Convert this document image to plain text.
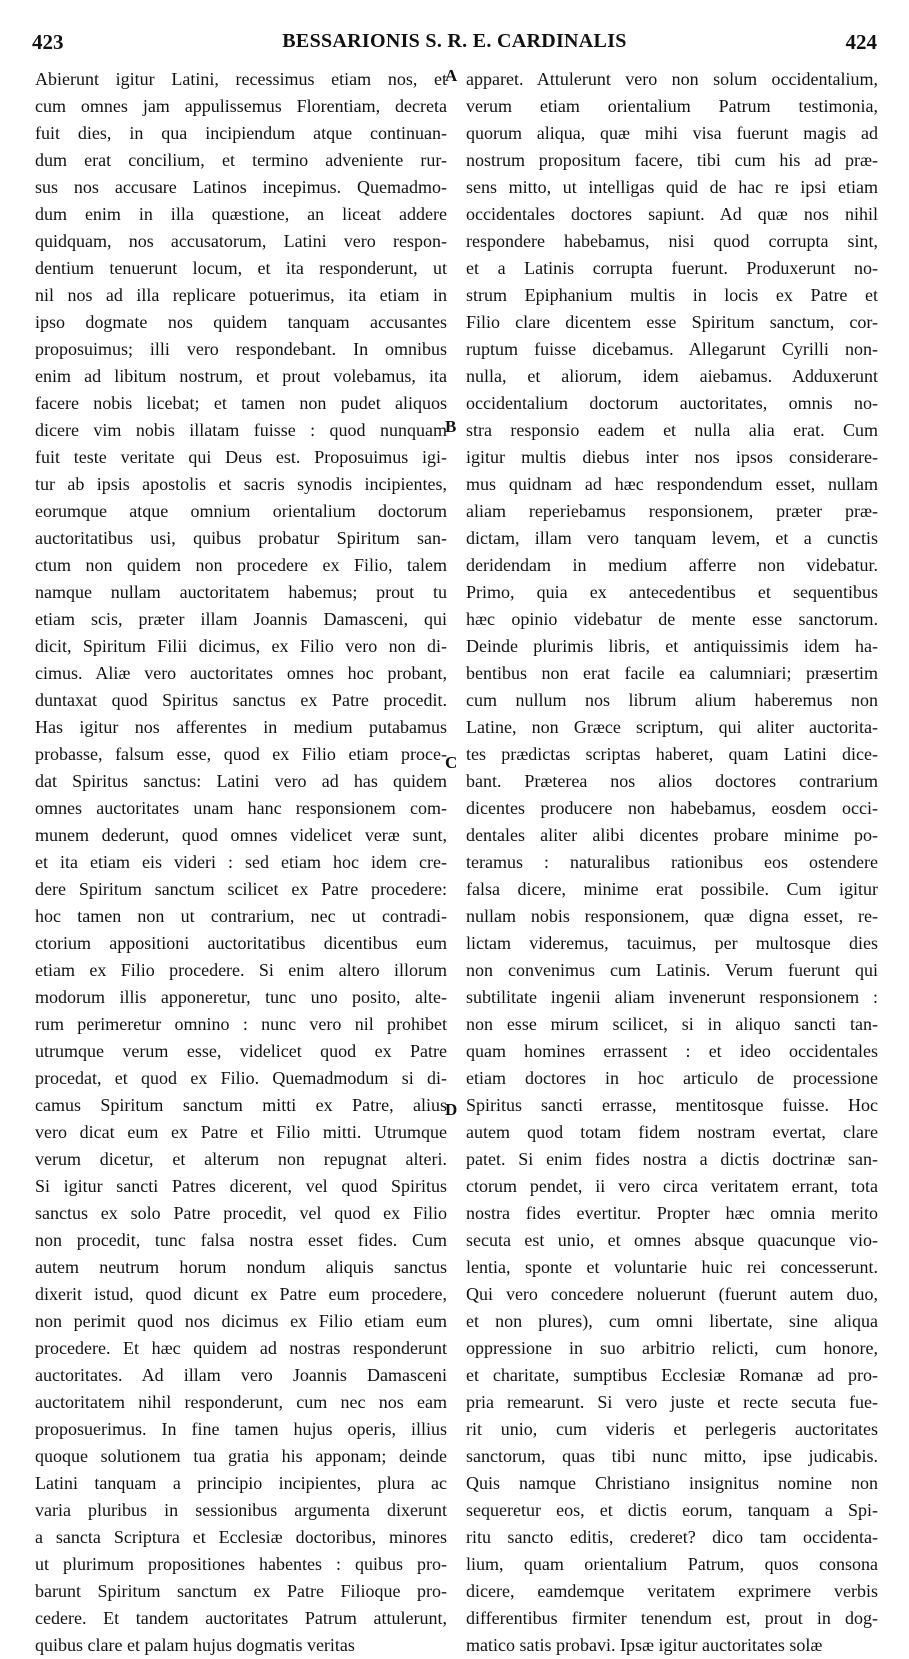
423	BESSARIONIS S. R. E. CARDINALIS	424
Abierunt igitur Latini, recessimus etiam nos, et
cum omnes jam appulissemus Florentiam, decreta
fuit dies, in qua incipiendum atque continuan-
dum erat concilium, et termino adveniente rur-
sus nos accusare Latinos incepimus. Quemadmo-
dum enim in illa quæstione, an liceat addere
quidquam, nos accusatorum, Latini vero respon-
dentium tenuerunt locum, et ita responderunt, ut
nil nos ad illa replicare potuerimus, ita etiam in
ipso dogmate nos quidem tanquam accusantes
proposuimus; illi vero respondebant. In omnibus
enim ad libitum nostrum, et prout volebamus, ita
facere nobis licebat; et tamen non pudet aliquos
dicere vim nobis illatam fuisse : quod nunquam
fuit teste veritate qui Deus est. Proposuimus igi-
tur ab ipsis apostolis et sacris synodis incipientes,
eorumque atque omnium orientalium doctorum
auctoritatibus usi, quibus probatur Spiritum san-
ctum non quidem non procedere ex Filio, talem
namque nullam auctoritatem habemus; prout tu
etiam scis, præter illam Joannis Damasceni, qui
dicit, Spiritum Filii dicimus, ex Filio vero non di-
cimus. Aliæ vero auctoritates omnes hoc probant,
duntaxat quod Spiritus sanctus ex Patre procedit.
Has igitur nos afferentes in medium putabamus
probasse, falsum esse, quod ex Filio etiam proce-
dat Spiritus sanctus: Latini vero ad has quidem
omnes auctoritates unam hanc responsionem com-
munem dederunt, quod omnes videlicet veræ sunt,
et ita etiam eis videri : sed etiam hoc idem cre-
dere Spiritum sanctum scilicet ex Patre procedere:
hoc tamen non ut contrarium, nec ut contradi-
ctorium appositioni auctoritatibus dicentibus eum
etiam ex Filio procedere. Si enim altero illorum
modorum illis apponeretur, tunc uno posito, alte-
rum perimeretur omnino : nunc vero nil prohibet
utrumque verum esse, videlicet quod ex Patre
procedat, et quod ex Filio. Quemadmodum si di-
camus Spiritum sanctum mitti ex Patre, alius
vero dicat eum ex Patre et Filio mitti. Utrumque
verum dicetur, et alterum non repugnat alteri.
Si igitur sancti Patres dicerent, vel quod Spiritus
sanctus ex solo Patre procedit, vel quod ex Filio
non procedit, tunc falsa nostra esset fides. Cum
autem neutrum horum nondum aliquis sanctus
dixerit istud, quod dicunt ex Patre eum procedere,
non perimit quod nos dicimus ex Filio etiam eum
procedere. Et hæc quidem ad nostras responderunt
auctoritates. Ad illam vero Joannis Damasceni
auctoritatem nihil responderunt, cum nec nos eam
proposuerimus. In fine tamen hujus operis, illius
quoque solutionem tua gratia his apponam; deinde
Latini tanquam a principio incipientes, plura ac
varia pluribus in sessionibus argumenta dixerunt
a sancta Scriptura et Ecclesiæ doctoribus, minores
ut plurimum propositiones habentes : quibus pro-
barunt Spiritum sanctum ex Patre Filioque pro-
cedere. Et tandem auctoritates Patrum attulerunt,
quibus clare et palam hujus dogmatis veritas
apparet. Attulerunt vero non solum occidentalium,
verum etiam orientalium Patrum testimonia,
quorum aliqua, quæ mihi visa fuerunt magis ad
nostrum propositum facere, tibi cum his ad præ-
sens mitto, ut intelligas quid de hac re ipsi etiam
occidentales doctores sapiunt. Ad quæ nos nihil
respondere habebamus, nisi quod corrupta sint,
et a Latinis corrupta fuerunt. Produxerunt no-
strum Epiphanium multis in locis ex Patre et
Filio clare dicentem esse Spiritum sanctum, cor-
ruptum fuisse dicebamus. Allegarunt Cyrilli non-
nulla, et aliorum, idem aiebamus. Adduxerunt
occidentalium doctorum auctoritates, omnis no-
stra responsio eadem et nulla alia erat. Cum
igitur multis diebus inter nos ipsos considerare-
mus quidnam ad hæc respondendum esset, nullam
aliam reperiebamus responsionem, præter præ-
dictam, illam vero tanquam levem, et a cunctis
deridendam in medium afferre non videbatur.
Primo, quia ex antecedentibus et sequentibus
hæc opinio videbatur de mente esse sanctorum.
Deinde plurimis libris, et antiquissimis idem ha-
bentibus non erat facile ea calumniari; præsertim
cum nullum nos librum alium haberemus non
Latine, non Græce scriptum, qui aliter auctorita-
tes prædictas scriptas haberet, quam Latini dice-
bant. Præterea nos alios doctores contrarium
dicentes producere non habebamus, eosdem occi-
dentales aliter alibi dicentes probare minime po-
teramus : naturalibus rationibus eos ostendere
falsa dicere, minime erat possibile. Cum igitur
nullam nobis responsionem, quæ digna esset, re-
lictam videremus, tacuimus, per multosque dies
non convenimus cum Latinis. Verum fuerunt qui
subtilitate ingenii aliam invenerunt responsionem :
non esse mirum scilicet, si in aliquo sancti tan-
quam homines errassent : et ideo occidentales
etiam doctores in hoc articulo de processione
Spiritus sancti errasse, mentitosque fuisse. Hoc
autem quod totam fidem nostram evertat, clare
patet. Si enim fides nostra a dictis doctrinæ san-
ctorum pendet, ii vero circa veritatem errant, tota
nostra fides evertitur. Propter hæc omnia merito
secuta est unio, et omnes absque quacunque vio-
lentia, sponte et voluntarie huic rei concesserunt.
Qui vero concedere noluerunt (fuerunt autem duo,
et non plures), cum omni libertate, sine aliqua
oppressione in suo arbitrio relicti, cum honore,
et charitate, sumptibus Ecclesiæ Romanæ ad pro-
pria remearunt. Si vero juste et recte secuta fue-
rit unio, cum videris et perlegeris auctoritates
sanctorum, quas tibi nunc mitto, ipse judicabis.
Quis namque Christiano insignitus nomine non
sequeretur eos, et dictis eorum, tanquam a Spi-
ritu sancto editis, crederet? dico tam occidenta-
lium, quam orientalium Patrum, quos consona
dicere, eamdemque veritatem exprimere verbis
differentibus firmiter tenendum est, prout in dog-
matico satis probavi. Ipsæ igitur auctoritates solæ
A
B
C
D
